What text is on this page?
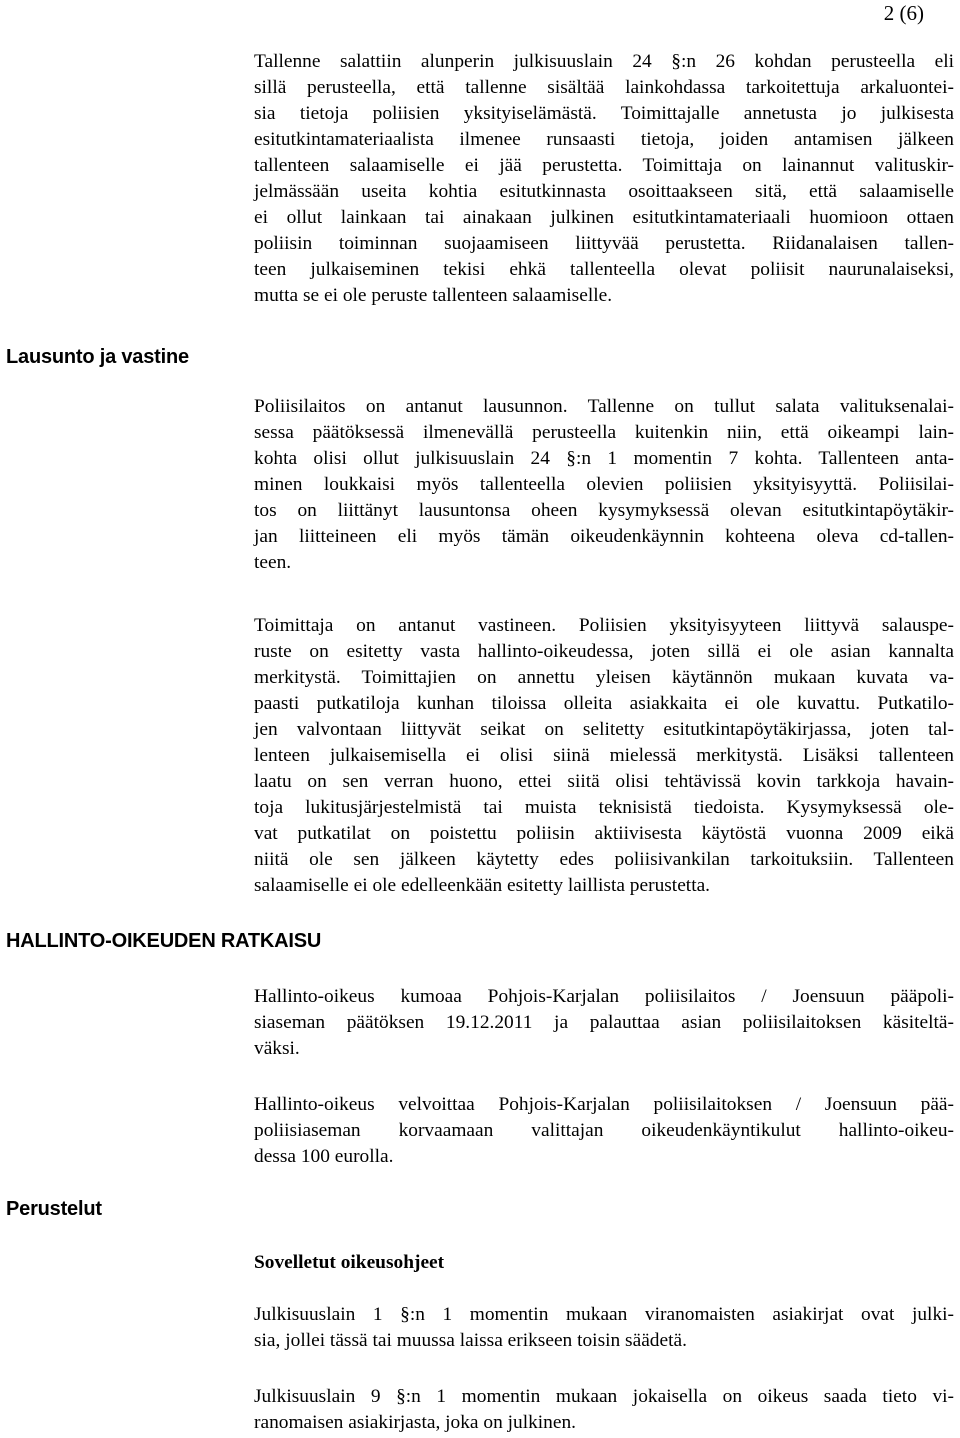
2 (6)
Lausunto ja vastine
HALLINTO-OIKEUDEN RATKAISU
Perustelut
Tallenne salattiin alunperin julkisuuslain 24 §:n 26 kohdan perusteella eli
sillä perusteella, että tallenne sisältää lainkohdassa tarkoitettuja arkaluontei-
sia tietoja poliisien yksityiselämästä. Toimittajalle annetusta jo julkisesta
esitutkintamateriaalista ilmenee runsaasti tietoja, joiden antamisen jälkeen
tallenteen salaamiselle ei jää perustetta. Toimittaja on lainannut valituskir-
jelmässään useita kohtia esitutkinnasta osoittaakseen sitä, että salaamiselle
ei ollut lainkaan tai ainakaan julkinen esitutkintamateriaali huomioon ottaen
poliisin toiminnan suojaamiseen liittyvää perustetta. Riidanalaisen tallen-
teen julkaiseminen tekisi ehkä tallenteella olevat poliisit naurunalaiseksi,
mutta se ei ole peruste tallenteen salaamiselle.
Poliisilaitos on antanut lausunnon. Tallenne on tullut salata valituksenalai-
sessa päätöksessä ilmenevällä perusteella kuitenkin niin, että oikeampi lain-
kohta olisi ollut julkisuuslain 24 §:n 1 momentin 7 kohta. Tallenteen anta-
minen loukkaisi myös tallenteella olevien poliisien yksityisyyttä. Poliisilai-
tos on liittänyt lausuntonsa oheen kysymyksessä olevan esitutkintapöytäkir-
jan liitteineen eli myös tämän oikeudenkäynnin kohteena oleva cd-tallen-
teen.
Toimittaja on antanut vastineen. Poliisien yksityisyyteen liittyvä salauspe-
ruste on esitetty vasta hallinto-oikeudessa, joten sillä ei ole asian kannalta
merkitystä. Toimittajien on annettu yleisen käytännön mukaan kuvata va-
paasti putkatiloja kunhan tiloissa olleita asiakkaita ei ole kuvattu. Putkatilo-
jen valvontaan liittyvät seikat on selitetty esitutkintapöytäkirjassa, joten tal-
lenteen julkaisemisella ei olisi siinä mielessä merkitystä. Lisäksi tallenteen
laatu on sen verran huono, ettei siitä olisi tehtävissä kovin tarkkoja havain-
toja lukitusjärjestelmistä tai muista teknisistä tiedoista. Kysymyksessä ole-
vat putkatilat on poistettu poliisin aktiivisesta käytöstä vuonna 2009 eikä
niitä ole sen jälkeen käytetty edes poliisivankilan tarkoituksiin. Tallenteen
salaamiselle ei ole edelleenkään esitetty laillista perustetta.
Hallinto-oikeus kumoaa Pohjois-Karjalan poliisilaitos / Joensuun pääpoli-
siaseman päätöksen 19.12.2011 ja palauttaa asian poliisilaitoksen käsiteltä-
väksi.
Hallinto-oikeus velvoittaa Pohjois-Karjalan poliisilaitoksen / Joensuun pää-
poliisiaseman korvaamaan valittajan oikeudenkäyntikulut hallinto-oikeu-
dessa 100 eurolla.
Sovelletut oikeusohjeet
Julkisuuslain 1 §:n 1 momentin mukaan viranomaisten asiakirjat ovat julki-
sia, jollei tässä tai muussa laissa erikseen toisin säädetä.
Julkisuuslain 9 §:n 1 momentin mukaan jokaisella on oikeus saada tieto vi-
ranomaisen asiakirjasta, joka on julkinen.
